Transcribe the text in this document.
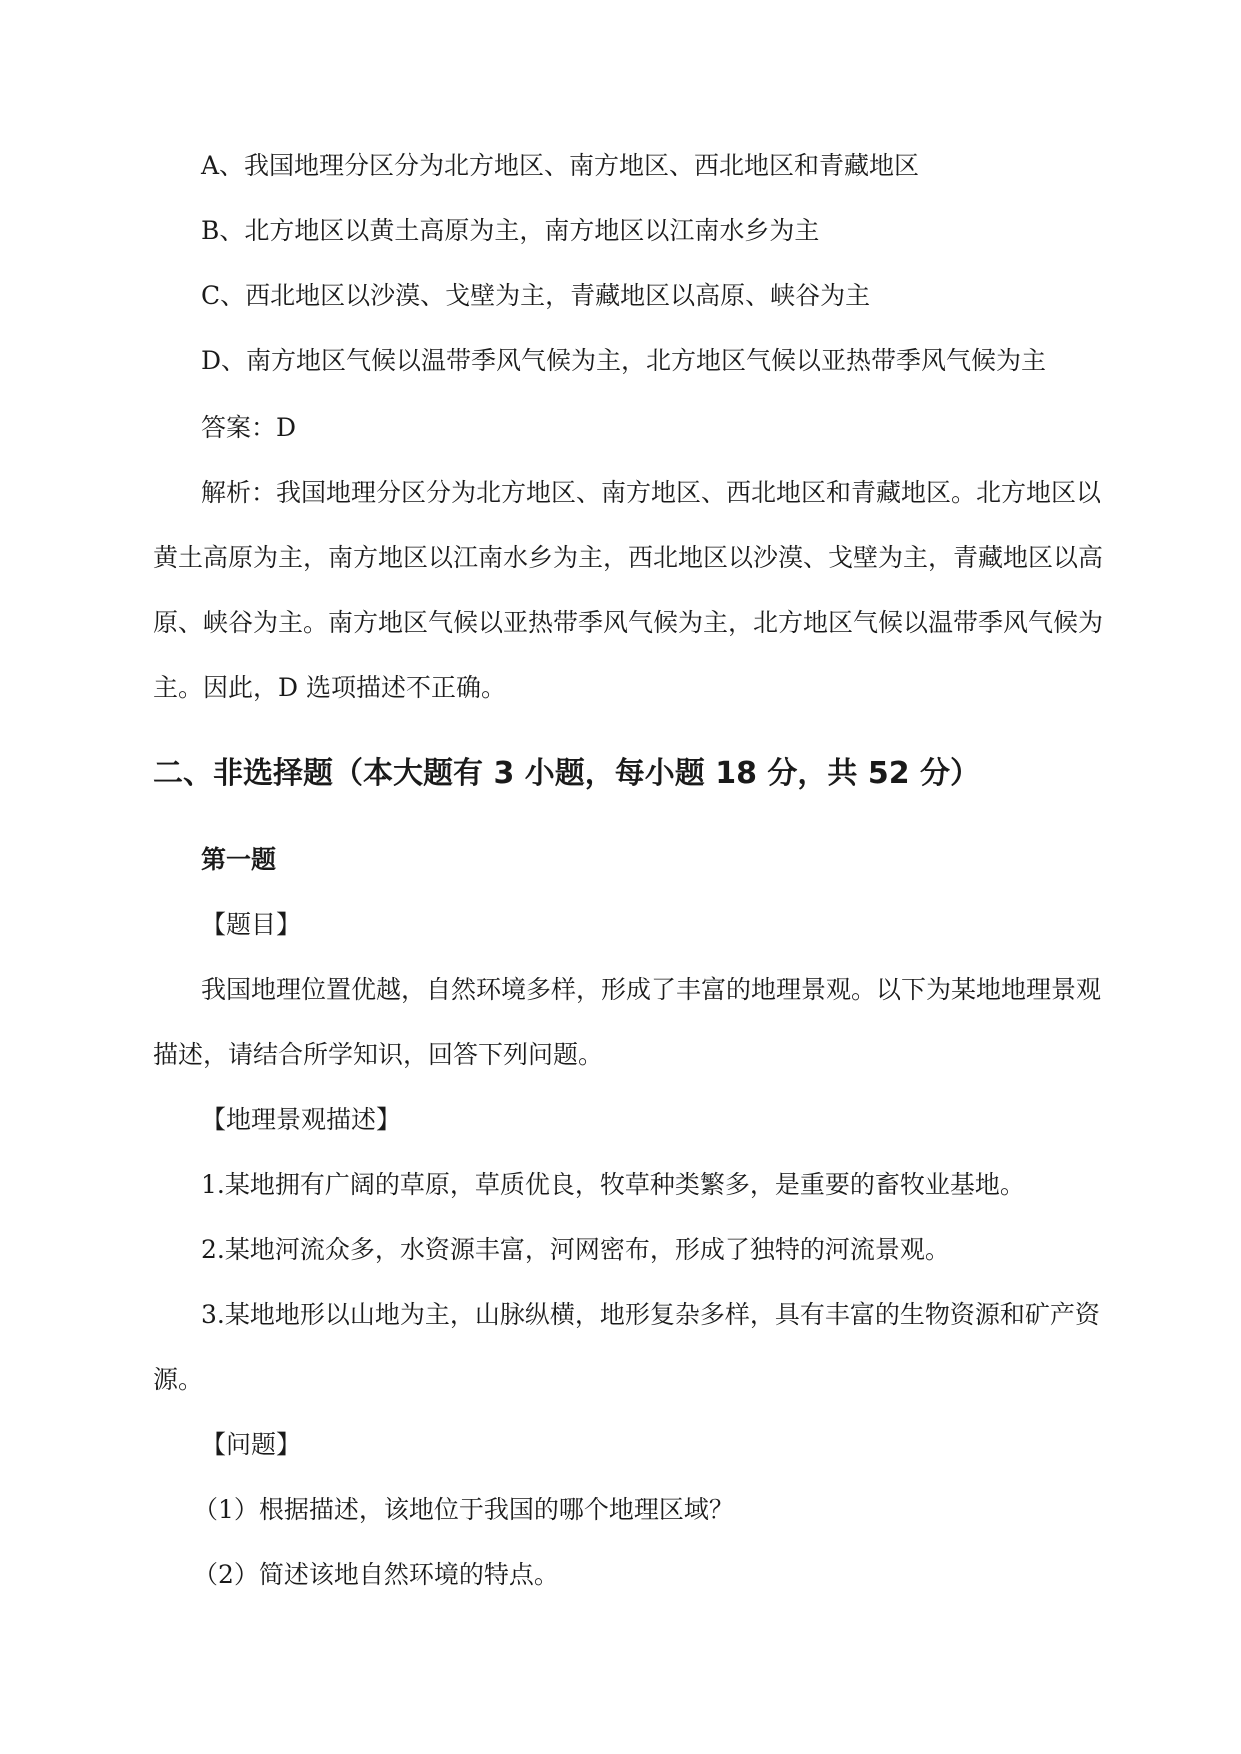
A、我国地理分区分为北方地区、南方地区、西北地区和青藏地区
B、北方地区以黄土高原为主，南方地区以江南水乡为主
C、西北地区以沙漠、戈壁为主，青藏地区以高原、峡谷为主
D、南方地区气候以温带季风气候为主，北方地区气候以亚热带季风气候为主
答案：D
解析：我国地理分区分为北方地区、南方地区、西北地区和青藏地区。北方地区以
黄土高原为主，南方地区以江南水乡为主，西北地区以沙漠、戈壁为主，青藏地区以高
原、峡谷为主。南方地区气候以亚热带季风气候为主，北方地区气候以温带季风气候为
主。因此，D 选项描述不正确。
二、非选择题（本大题有 3 小题，每小题 18 分，共 52 分）
第一题
【题目】
我国地理位置优越，自然环境多样，形成了丰富的地理景观。以下为某地地理景观
描述，请结合所学知识，回答下列问题。
【地理景观描述】
1.某地拥有广阔的草原，草质优良，牧草种类繁多，是重要的畜牧业基地。
2.某地河流众多，水资源丰富，河网密布，形成了独特的河流景观。
3.某地地形以山地为主，山脉纵横，地形复杂多样，具有丰富的生物资源和矿产资
源。
【问题】
（1）根据描述，该地位于我国的哪个地理区域？
（2）简述该地自然环境的特点。
